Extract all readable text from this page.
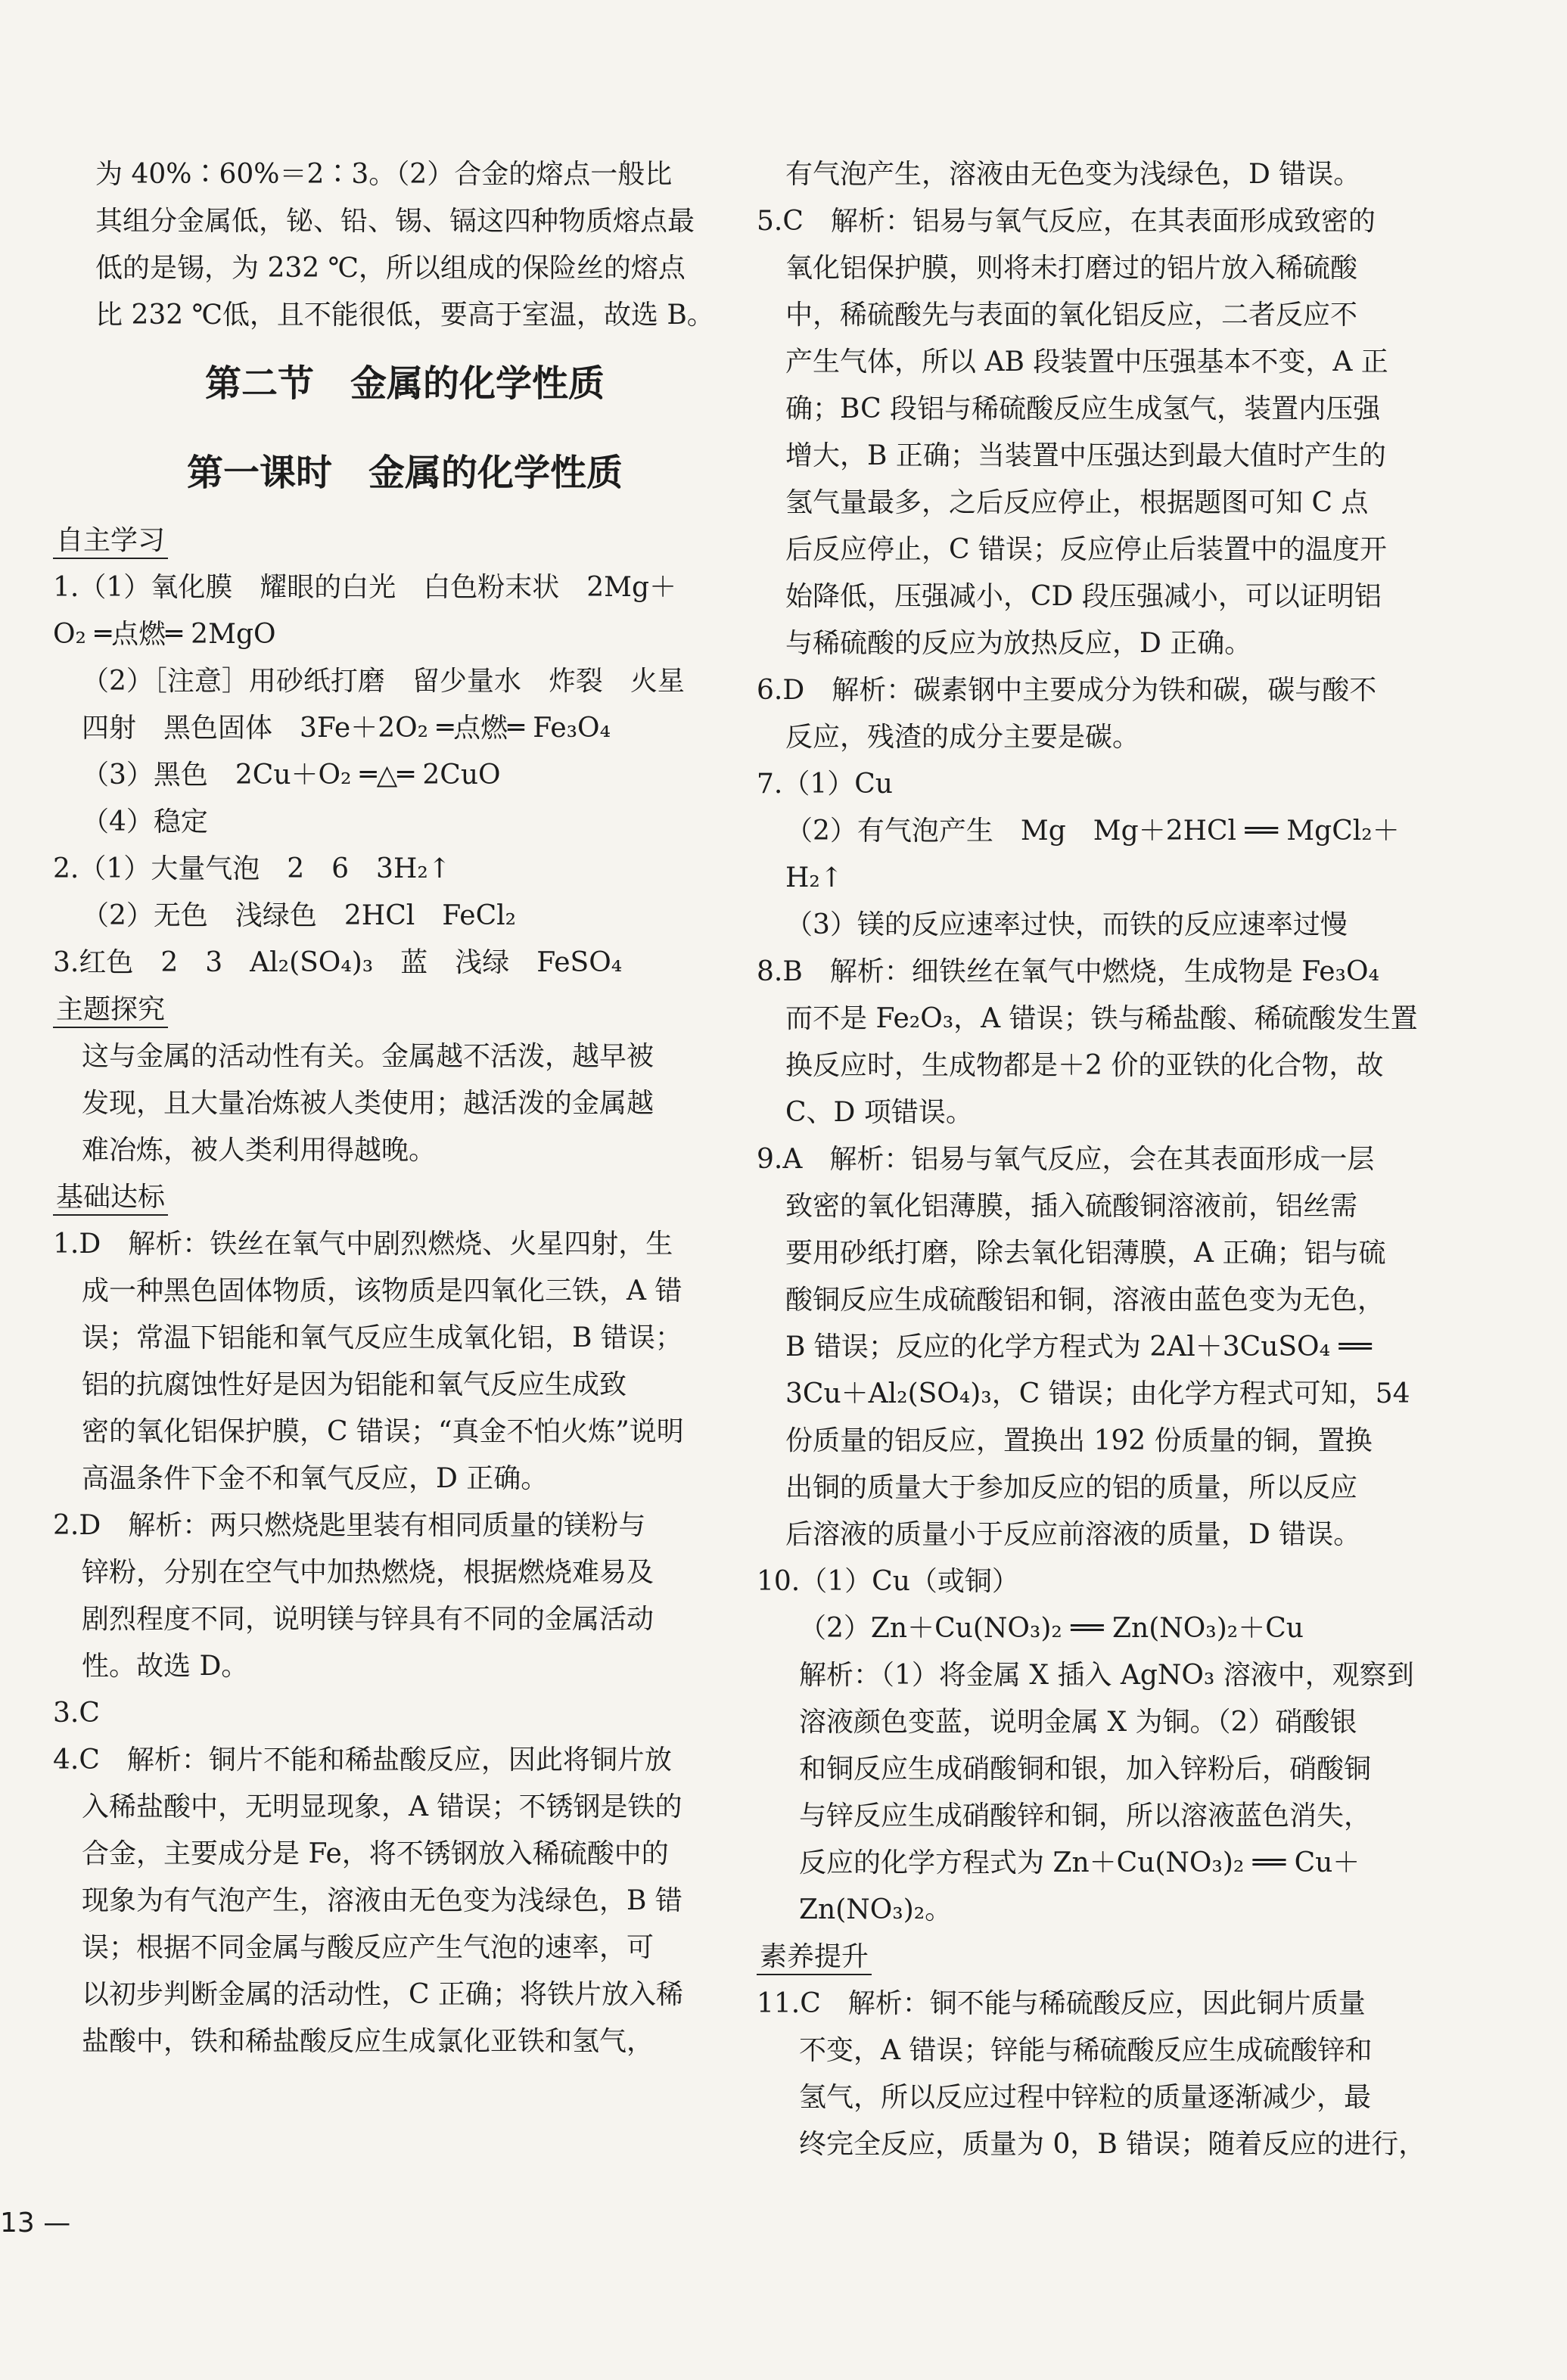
为 40%∶60%＝2∶3。（2）合金的熔点一般比
其组分金属低，铋、铅、锡、镉这四种物质熔点最
低的是锡，为 232 ℃，所以组成的保险丝的熔点
比 232 ℃低，且不能很低，要高于室温，故选 B。
第二节　金属的化学性质
第一课时　金属的化学性质
自主学习
1.（1）氧化膜　耀眼的白光　白色粉末状　2Mg＋
O₂ ═点燃═ 2MgO
（2）［注意］用砂纸打磨　留少量水　炸裂　火星
四射　黑色固体　3Fe＋2O₂ ═点燃═ Fe₃O₄
（3）黑色　2Cu＋O₂ ═△═ 2CuO
（4）稳定
2.（1）大量气泡　2　6　3H₂↑
（2）无色　浅绿色　2HCl　FeCl₂
3.红色　2　3　Al₂(SO₄)₃　蓝　浅绿　FeSO₄
主题探究
这与金属的活动性有关。金属越不活泼，越早被
发现，且大量冶炼被人类使用；越活泼的金属越
难冶炼，被人类利用得越晚。
基础达标
1.D　解析：铁丝在氧气中剧烈燃烧、火星四射，生
成一种黑色固体物质，该物质是四氧化三铁，A 错
误；常温下铝能和氧气反应生成氧化铝，B 错误；
铝的抗腐蚀性好是因为铝能和氧气反应生成致
密的氧化铝保护膜，C 错误；“真金不怕火炼”说明
高温条件下金不和氧气反应，D 正确。
2.D　解析：两只燃烧匙里装有相同质量的镁粉与
锌粉，分别在空气中加热燃烧，根据燃烧难易及
剧烈程度不同，说明镁与锌具有不同的金属活动
性。故选 D。
3.C
4.C　解析：铜片不能和稀盐酸反应，因此将铜片放
入稀盐酸中，无明显现象，A 错误；不锈钢是铁的
合金，主要成分是 Fe，将不锈钢放入稀硫酸中的
现象为有气泡产生，溶液由无色变为浅绿色，B 错
误；根据不同金属与酸反应产生气泡的速率，可
以初步判断金属的活动性，C 正确；将铁片放入稀
盐酸中，铁和稀盐酸反应生成氯化亚铁和氢气，
有气泡产生，溶液由无色变为浅绿色，D 错误。
5.C　解析：铝易与氧气反应，在其表面形成致密的
氧化铝保护膜，则将未打磨过的铝片放入稀硫酸
中，稀硫酸先与表面的氧化铝反应，二者反应不
产生气体，所以 AB 段装置中压强基本不变，A 正
确；BC 段铝与稀硫酸反应生成氢气，装置内压强
增大，B 正确；当装置中压强达到最大值时产生的
氢气量最多，之后反应停止，根据题图可知 C 点
后反应停止，C 错误；反应停止后装置中的温度开
始降低，压强减小，CD 段压强减小，可以证明铝
与稀硫酸的反应为放热反应，D 正确。
6.D　解析：碳素钢中主要成分为铁和碳，碳与酸不
反应，残渣的成分主要是碳。
7.（1）Cu
（2）有气泡产生　Mg　Mg＋2HCl ══ MgCl₂＋
H₂↑
（3）镁的反应速率过快，而铁的反应速率过慢
8.B　解析：细铁丝在氧气中燃烧，生成物是 Fe₃O₄
而不是 Fe₂O₃，A 错误；铁与稀盐酸、稀硫酸发生置
换反应时，生成物都是＋2 价的亚铁的化合物，故
C、D 项错误。
9.A　解析：铝易与氧气反应，会在其表面形成一层
致密的氧化铝薄膜，插入硫酸铜溶液前，铝丝需
要用砂纸打磨，除去氧化铝薄膜，A 正确；铝与硫
酸铜反应生成硫酸铝和铜，溶液由蓝色变为无色，
B 错误；反应的化学方程式为 2Al＋3CuSO₄ ══
3Cu＋Al₂(SO₄)₃，C 错误；由化学方程式可知，54
份质量的铝反应，置换出 192 份质量的铜，置换
出铜的质量大于参加反应的铝的质量，所以反应
后溶液的质量小于反应前溶液的质量，D 错误。
10.（1）Cu（或铜）
（2）Zn＋Cu(NO₃)₂ ══ Zn(NO₃)₂＋Cu
解析：（1）将金属 X 插入 AgNO₃ 溶液中，观察到
溶液颜色变蓝，说明金属 X 为铜。（2）硝酸银
和铜反应生成硝酸铜和银，加入锌粉后，硝酸铜
与锌反应生成硝酸锌和铜，所以溶液蓝色消失，
反应的化学方程式为 Zn＋Cu(NO₃)₂ ══ Cu＋
Zn(NO₃)₂。
素养提升
11.C　解析：铜不能与稀硫酸反应，因此铜片质量
不变，A 错误；锌能与稀硫酸反应生成硫酸锌和
氢气，所以反应过程中锌粒的质量逐渐减少，最
终完全反应，质量为 0，B 错误；随着反应的进行，
13 —
